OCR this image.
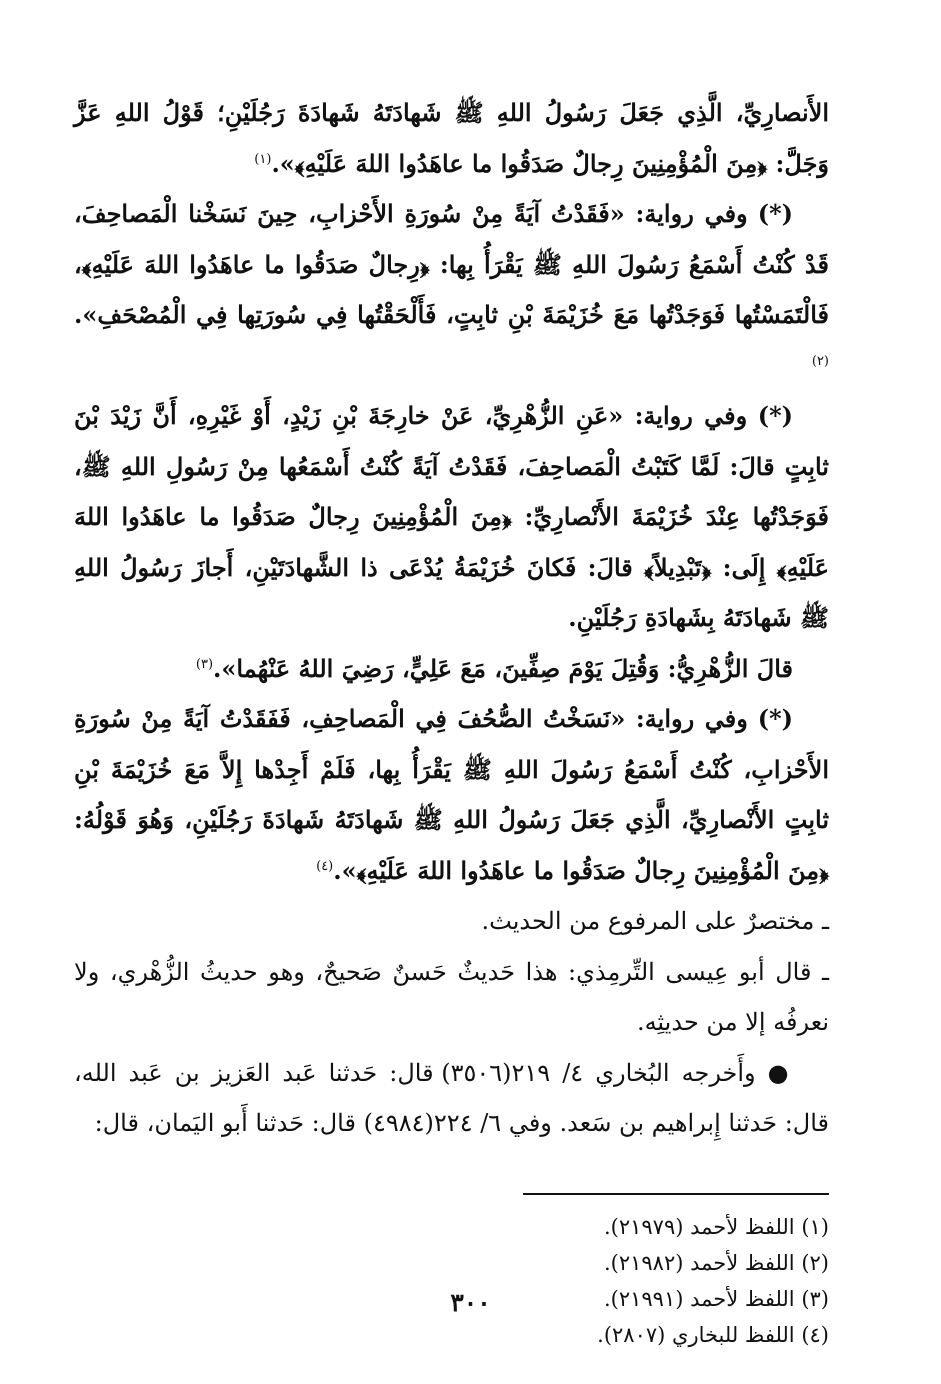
الأَنصارِيِّ، الَّذِي جَعَلَ رَسُولُ اللهِ ﷺ شَهادَتَهُ شَهادَةَ رَجُلَيْنِ؛ قَوْلُ اللهِ عَزَّ وَجَلَّ: ﴿مِنَ الْمُؤْمِنِينَ رِجالٌ صَدَقُوا ما عاهَدُوا اللهَ عَلَيْهِ﴾».$^{(١)}$

(*) وفي رواية: «فَقَدْتُ آيَةً مِنْ سُورَةِ الأَحْزابِ، حِينَ نَسَخْنا الْمَصاحِفَ، قَدْ كُنْتُ أَسْمَعُ رَسُولَ اللهِ ﷺ يَقْرَأُ بِها: ﴿رِجالٌ صَدَقُوا ما عاهَدُوا اللهَ عَلَيْهِ﴾، فَالْتَمَسْتُها فَوَجَدْتُها مَعَ خُزَيْمَةَ بْنِ ثابِتٍ، فَأَلْحَقْتُها فِي سُورَتِها فِي الْمُصْحَفِ».$^{(٢)}$

(*) وفي رواية: «عَنِ الزُّهْرِيِّ، عَنْ خارِجَةَ بْنِ زَيْدٍ، أَوْ غَيْرِهِ، أَنَّ زَيْدَ بْنَ ثابِتٍ قالَ: لَمَّا كَتَبْتُ الْمَصاحِفَ، فَقَدْتُ آيَةً كُنْتُ أَسْمَعُها مِنْ رَسُولِ اللهِ ﷺ، فَوَجَدْتُها عِنْدَ خُزَيْمَةَ الأَنْصارِيِّ: ﴿مِنَ الْمُؤْمِنِينَ رِجالٌ صَدَقُوا ما عاهَدُوا اللهَ عَلَيْهِ﴾ إِلَى: ﴿تَبْدِيلاً﴾ قالَ: فَكانَ خُزَيْمَةُ يُدْعَى ذا الشَّهادَتَيْنِ، أَجازَ رَسُولُ اللهِ ﷺ شَهادَتَهُ بِشَهادَةِ رَجُلَيْنِ.

قالَ الزُّهْرِيُّ: وَقُتِلَ يَوْمَ صِفِّينَ، مَعَ عَلِيٍّ، رَضِيَ اللهُ عَنْهُما».$^{(٣)}$

(*) وفي رواية: «نَسَخْتُ الصُّحُفَ فِي الْمَصاحِفِ، فَفَقَدْتُ آيَةً مِنْ سُورَةِ الأَحْزابِ، كُنْتُ أَسْمَعُ رَسُولَ اللهِ ﷺ يَقْرَأُ بِها، فَلَمْ أَجِدْها إِلاَّ مَعَ خُزَيْمَةَ بْنِ ثابِتٍ الأَنْصارِيِّ، الَّذِي جَعَلَ رَسُولُ اللهِ ﷺ شَهادَتَهُ شَهادَةَ رَجُلَيْنِ، وَهُوَ قَوْلُهُ: ﴿مِنَ الْمُؤْمِنِينَ رِجالٌ صَدَقُوا ما عاهَدُوا اللهَ عَلَيْهِ﴾».$^{(٤)}$

ـ مختصرٌ على المرفوع من الحديث.

ـ قال أبو عِيسى التِّرمِذي: هذا حَديثٌ حَسنٌ صَحيحٌ، وهو حديثُ الزُّهْري، ولا نعرفُه إلا من حديثِه.

● وأَخرجه البُخاري ٤/ ٢١٩(٣٥٠٦) قال: حَدثنا عَبد العَزيز بن عَبد الله، قال: حَدثنا إِبراهيم بن سَعد. وفي ٦/ ٢٢٤(٤٩٨٤) قال: حَدثنا أَبو اليَمان، قال:

(١) اللفظ لأحمد (٢١٩٧٩).
(٢) اللفظ لأحمد (٢١٩٨٢).
(٣) اللفظ لأحمد (٢١٩٩١).
(٤) اللفظ للبخاري (٢٨٠٧).
٣٠٠
